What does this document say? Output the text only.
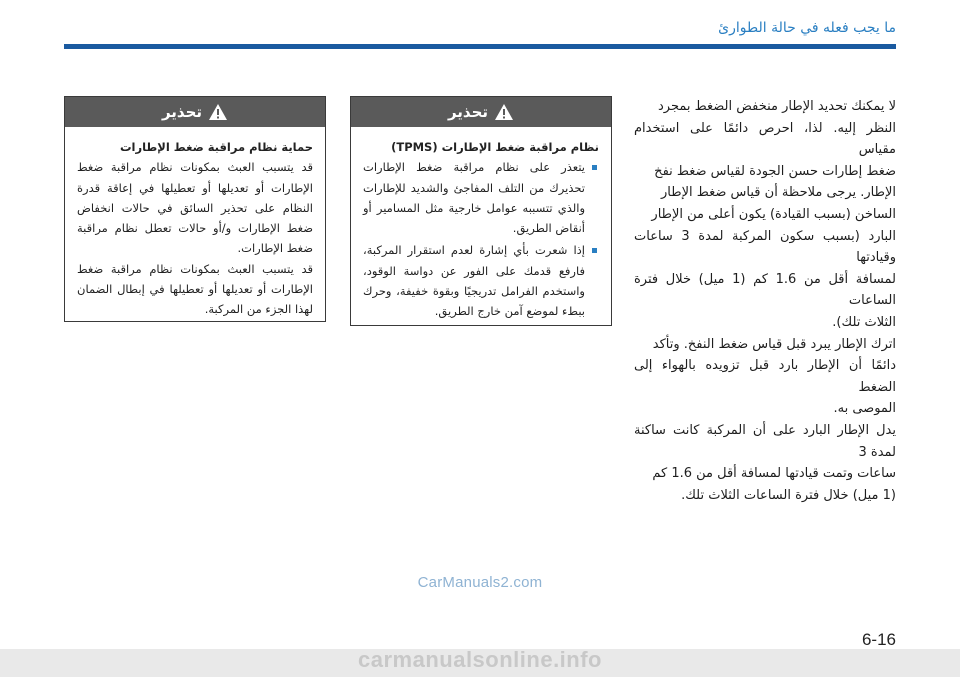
ما يجب فعله في حالة الطوارئ

لا يمكنك تحديد الإطار منخفض الضغط بمجرد

النظر إليه. لذا، احرص دائمًا على استخدام مقياس

ضغط إطارات حسن الجودة لقياس ضغط نفخ

الإطار. يرجى ملاحظة أن قياس ضغط الإطار

الساخن (بسبب القيادة) يكون أعلى من الإطار

البارد (بسبب سكون المركبة لمدة 3 ساعات وقيادتها

لمسافة أقل من 1.6 كم (1 ميل) خلال فترة الساعات

الثلاث تلك).

اترك الإطار يبرد قبل قياس ضغط النفخ. وتأكد

دائمًا أن الإطار بارد قبل تزويده بالهواء إلى الضغط

الموصى به.

يدل الإطار البارد على أن المركبة كانت ساكنة لمدة 3

ساعات وتمت قيادتها لمسافة أقل من 1.6 كم

(1 ميل) خلال فترة الساعات الثلاث تلك.

تحذير

نظام مراقبة ضغط الإطارات (TPMS)

يتعذر على نظام مراقبة ضغط الإطارات تحذيرك من التلف المفاجئ والشديد للإطارات والذي تتسببه عوامل خارجية مثل المسامير أو أنقاض الطريق.
إذا شعرت بأي إشارة لعدم استقرار المركبة، فارفع قدمك على الفور عن دواسة الوقود، واستخدم الفرامل تدريجيًا وبقوة خفيفة، وحرك ببطء لموضع آمن خارج الطريق.
تحذير

حماية نظام مراقبة ضغط الإطارات

قد يتسبب العبث بمكونات نظام مراقبة ضغط الإطارات أو تعديلها أو تعطيلها في إعاقة قدرة النظام على تحذير السائق في حالات انخفاض ضغط الإطارات و/أو حالات تعطل نظام مراقبة ضغط الإطارات.

قد يتسبب العبث بمكونات نظام مراقبة ضغط الإطارات أو تعديلها أو تعطيلها في إبطال الضمان لهذا الجزء من المركبة.

CarManuals2.com
6-16
carmanualsonline.info
